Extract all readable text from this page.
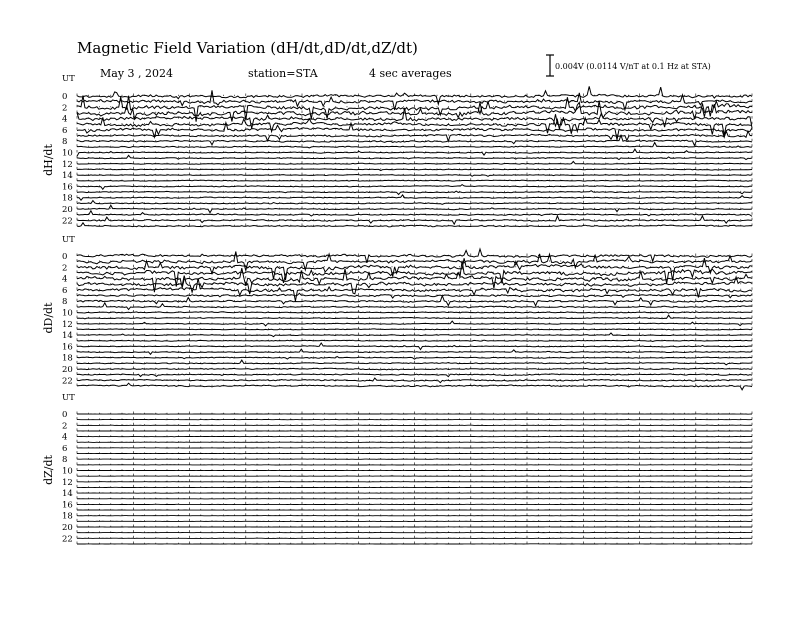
Magnetic Field Variation (dH/dt,dD/dt,dZ/dt)
May 3 , 2024	station=STA	4 sec averages
0.004V (0.0114 V/nT at 0.1 Hz at STA)
UT
dH/dt
0
2
4
6
8
10
12
14
16
18
20
22
UT
dD/dt
0
2
4
6
8
10
12
14
16
18
20
22
UT
dZ/dt
0
2
4
6
8
10
12
14
16
18
20
22
